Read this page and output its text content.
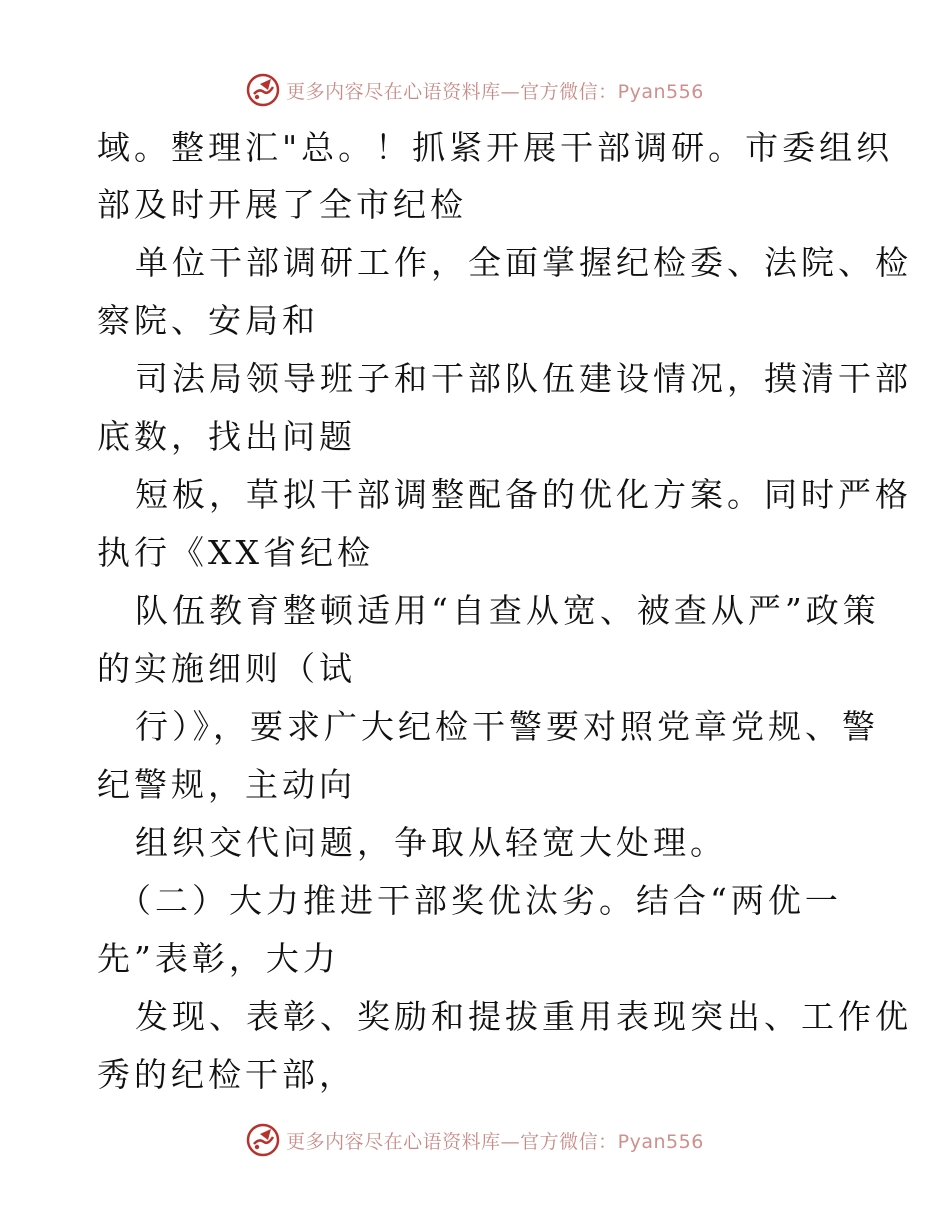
更多内容尽在心语资料库—官方微信：Pyan556
域。整理汇"总。！抓紧开展干部调研。市委组织
部及时开展了全市纪检
单位干部调研工作，全面掌握纪检委、法院、检
察院、安局和
司法局领导班子和干部队伍建设情况，摸清干部
底数，找出问题
短板，草拟干部调整配备的优化方案。同时严格
执行《XX省纪检
队伍教育整顿适用“自查从宽、被查从严”政策
的实施细则（试
行）》，要求广大纪检干警要对照党章党规、警
纪警规，主动向
组织交代问题，争取从轻宽大处理。
（二）大力推进干部奖优汰劣。结合“两优一
先”表彰，大力
发现、表彰、奖励和提拔重用表现突出、工作优
秀的纪检干部，
更多内容尽在心语资料库—官方微信：Pyan556
